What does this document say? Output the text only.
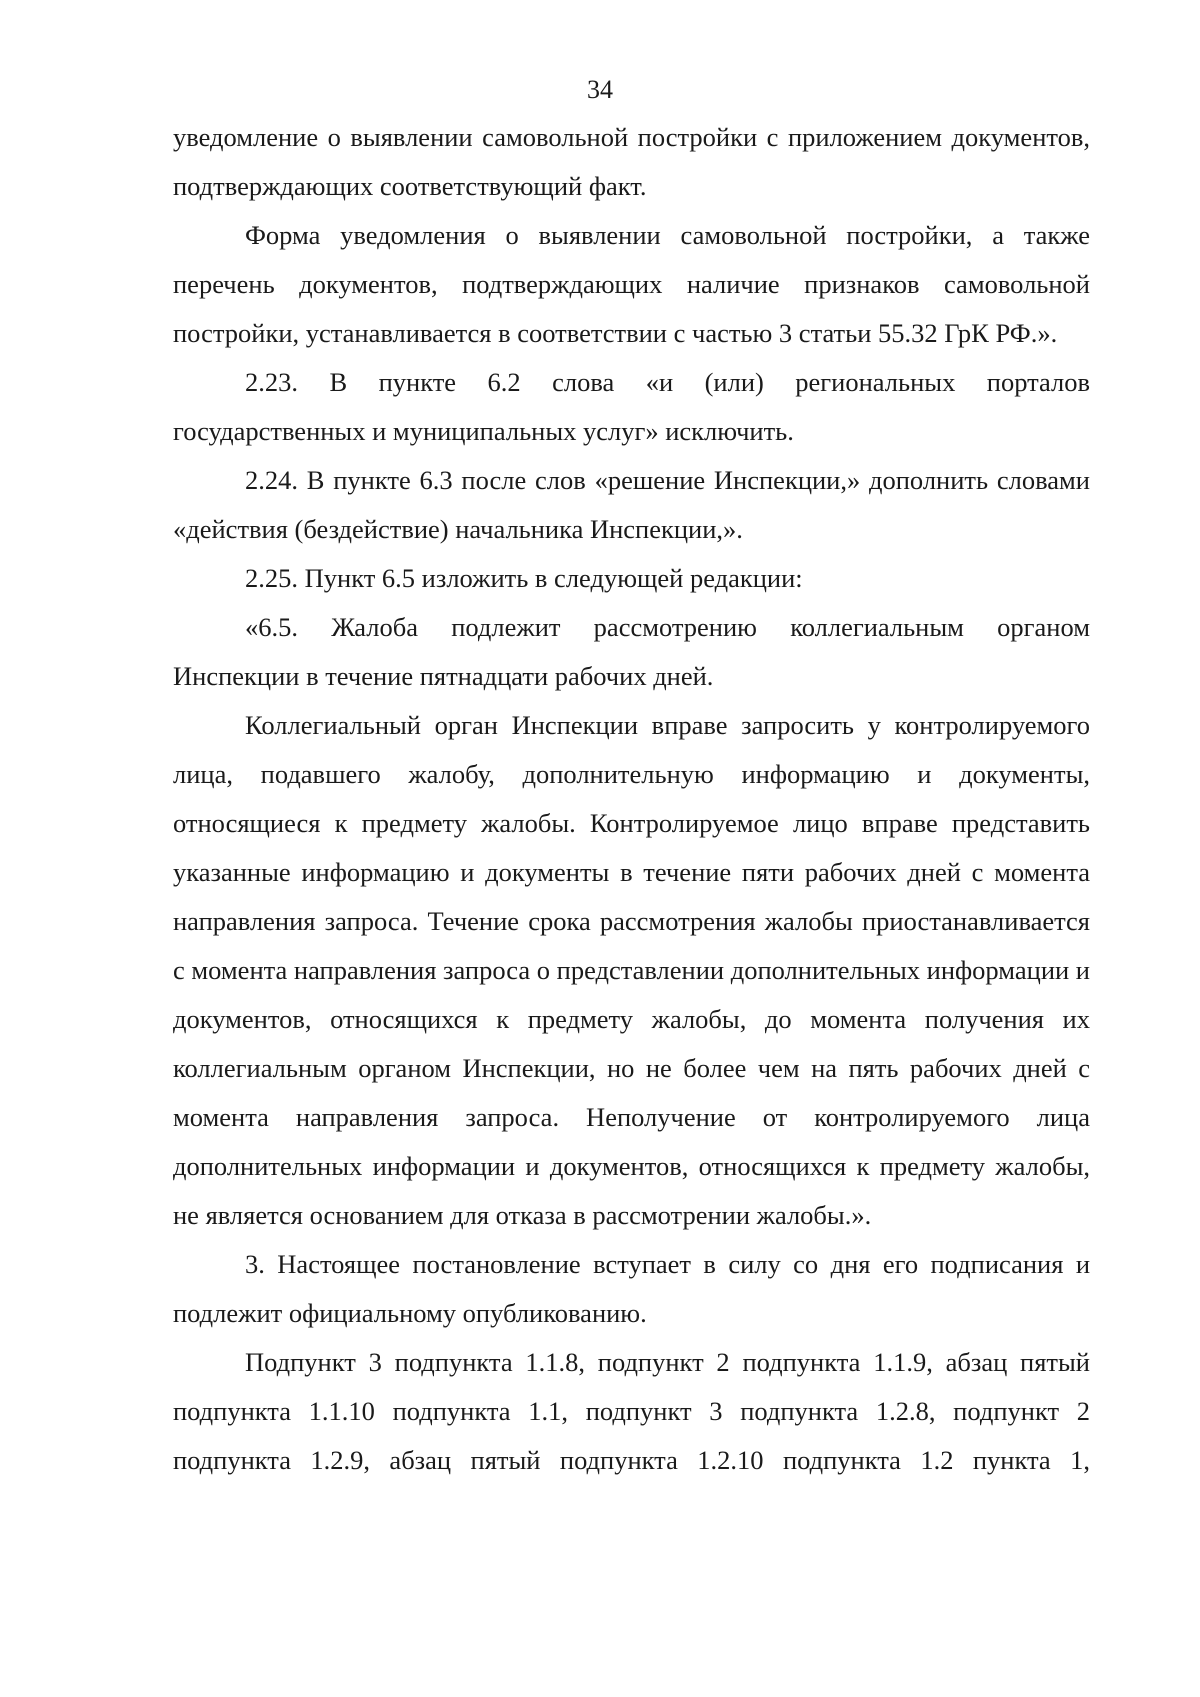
34

уведомление о выявлении самовольной постройки с приложением документов, подтверждающих соответствующий факт.

Форма уведомления о выявлении самовольной постройки, а также перечень документов, подтверждающих наличие признаков самовольной постройки, устанавливается в соответствии с частью 3 статьи 55.32 ГрК РФ.».

2.23. В пункте 6.2 слова «и (или) региональных порталов государственных и муниципальных услуг» исключить.

2.24. В пункте 6.3 после слов «решение Инспекции,» дополнить словами «действия (бездействие) начальника Инспекции,».

2.25. Пункт 6.5 изложить в следующей редакции:

«6.5. Жалоба подлежит рассмотрению коллегиальным органом Инспекции в течение пятнадцати рабочих дней.

Коллегиальный орган Инспекции вправе запросить у контролируемого лица, подавшего жалобу, дополнительную информацию и документы, относящиеся к предмету жалобы. Контролируемое лицо вправе представить указанные информацию и документы в течение пяти рабочих дней с момента направления запроса. Течение срока рассмотрения жалобы приостанавливается с момента направления запроса о представлении дополнительных информации и документов, относящихся к предмету жалобы, до момента получения их коллегиальным органом Инспекции, но не более чем на пять рабочих дней с момента направления запроса. Неполучение от контролируемого лица дополнительных информации и документов, относящихся к предмету жалобы, не является основанием для отказа в рассмотрении жалобы.».

3. Настоящее постановление вступает в силу со дня его подписания и подлежит официальному опубликованию.

Подпункт 3 подпункта 1.1.8, подпункт 2 подпункта 1.1.9, абзац пятый подпункта 1.1.10 подпункта 1.1, подпункт 3 подпункта 1.2.8, подпункт 2 подпункта 1.2.9, абзац пятый подпункта 1.2.10 подпункта 1.2 пункта 1,
